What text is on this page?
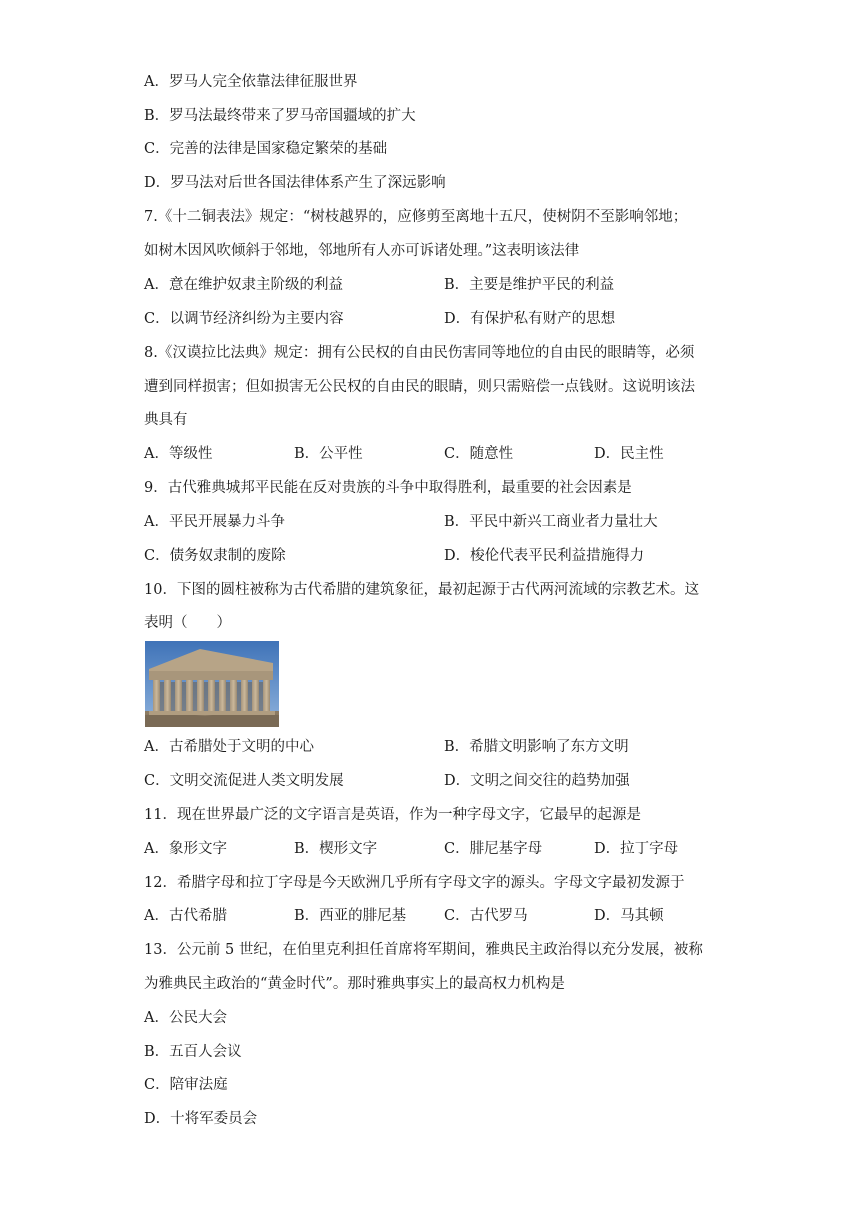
A．罗马人完全依靠法律征服世界
B．罗马法最终带来了罗马帝国疆域的扩大
C．完善的法律是国家稳定繁荣的基础
D．罗马法对后世各国法律体系产生了深远影响
7.《十二铜表法》规定：“树枝越界的，应修剪至离地十五尺，使树阴不至影响邻地；
如树木因风吹倾斜于邻地，邻地所有人亦可诉诸处理。”这表明该法律
A．意在维护奴隶主阶级的利益	B．主要是维护平民的利益
C．以调节经济纠纷为主要内容	D．有保护私有财产的思想
8.《汉谟拉比法典》规定：拥有公民权的自由民伤害同等地位的自由民的眼睛等，必须
遭到同样损害；但如损害无公民权的自由民的眼睛，则只需赔偿一点钱财。这说明该法
典具有
A．等级性	B．公平性	C．随意性	D．民主性
9．古代雅典城邦平民能在反对贵族的斗争中取得胜利，最重要的社会因素是
A．平民开展暴力斗争	B．平民中新兴工商业者力量壮大
C．债务奴隶制的废除	D．梭伦代表平民利益措施得力
10．下图的圆柱被称为古代希腊的建筑象征，最初起源于古代两河流域的宗教艺术。这
表明（　　）
A．古希腊处于文明的中心	B．希腊文明影响了东方文明
C．文明交流促进人类文明发展	D．文明之间交往的趋势加强
11．现在世界最广泛的文字语言是英语，作为一种字母文字，它最早的起源是
A．象形文字	B．楔形文字	C．腓尼基字母	D．拉丁字母
12．希腊字母和拉丁字母是今天欧洲几乎所有字母文字的源头。字母文字最初发源于
A．古代希腊	B．西亚的腓尼基	C．古代罗马	D．马其顿
13．公元前 5 世纪，在伯里克利担任首席将军期间，雅典民主政治得以充分发展，被称
为雅典民主政治的“黄金时代”。那时雅典事实上的最高权力机构是
A．公民大会
B．五百人会议
C．陪审法庭
D．十将军委员会
